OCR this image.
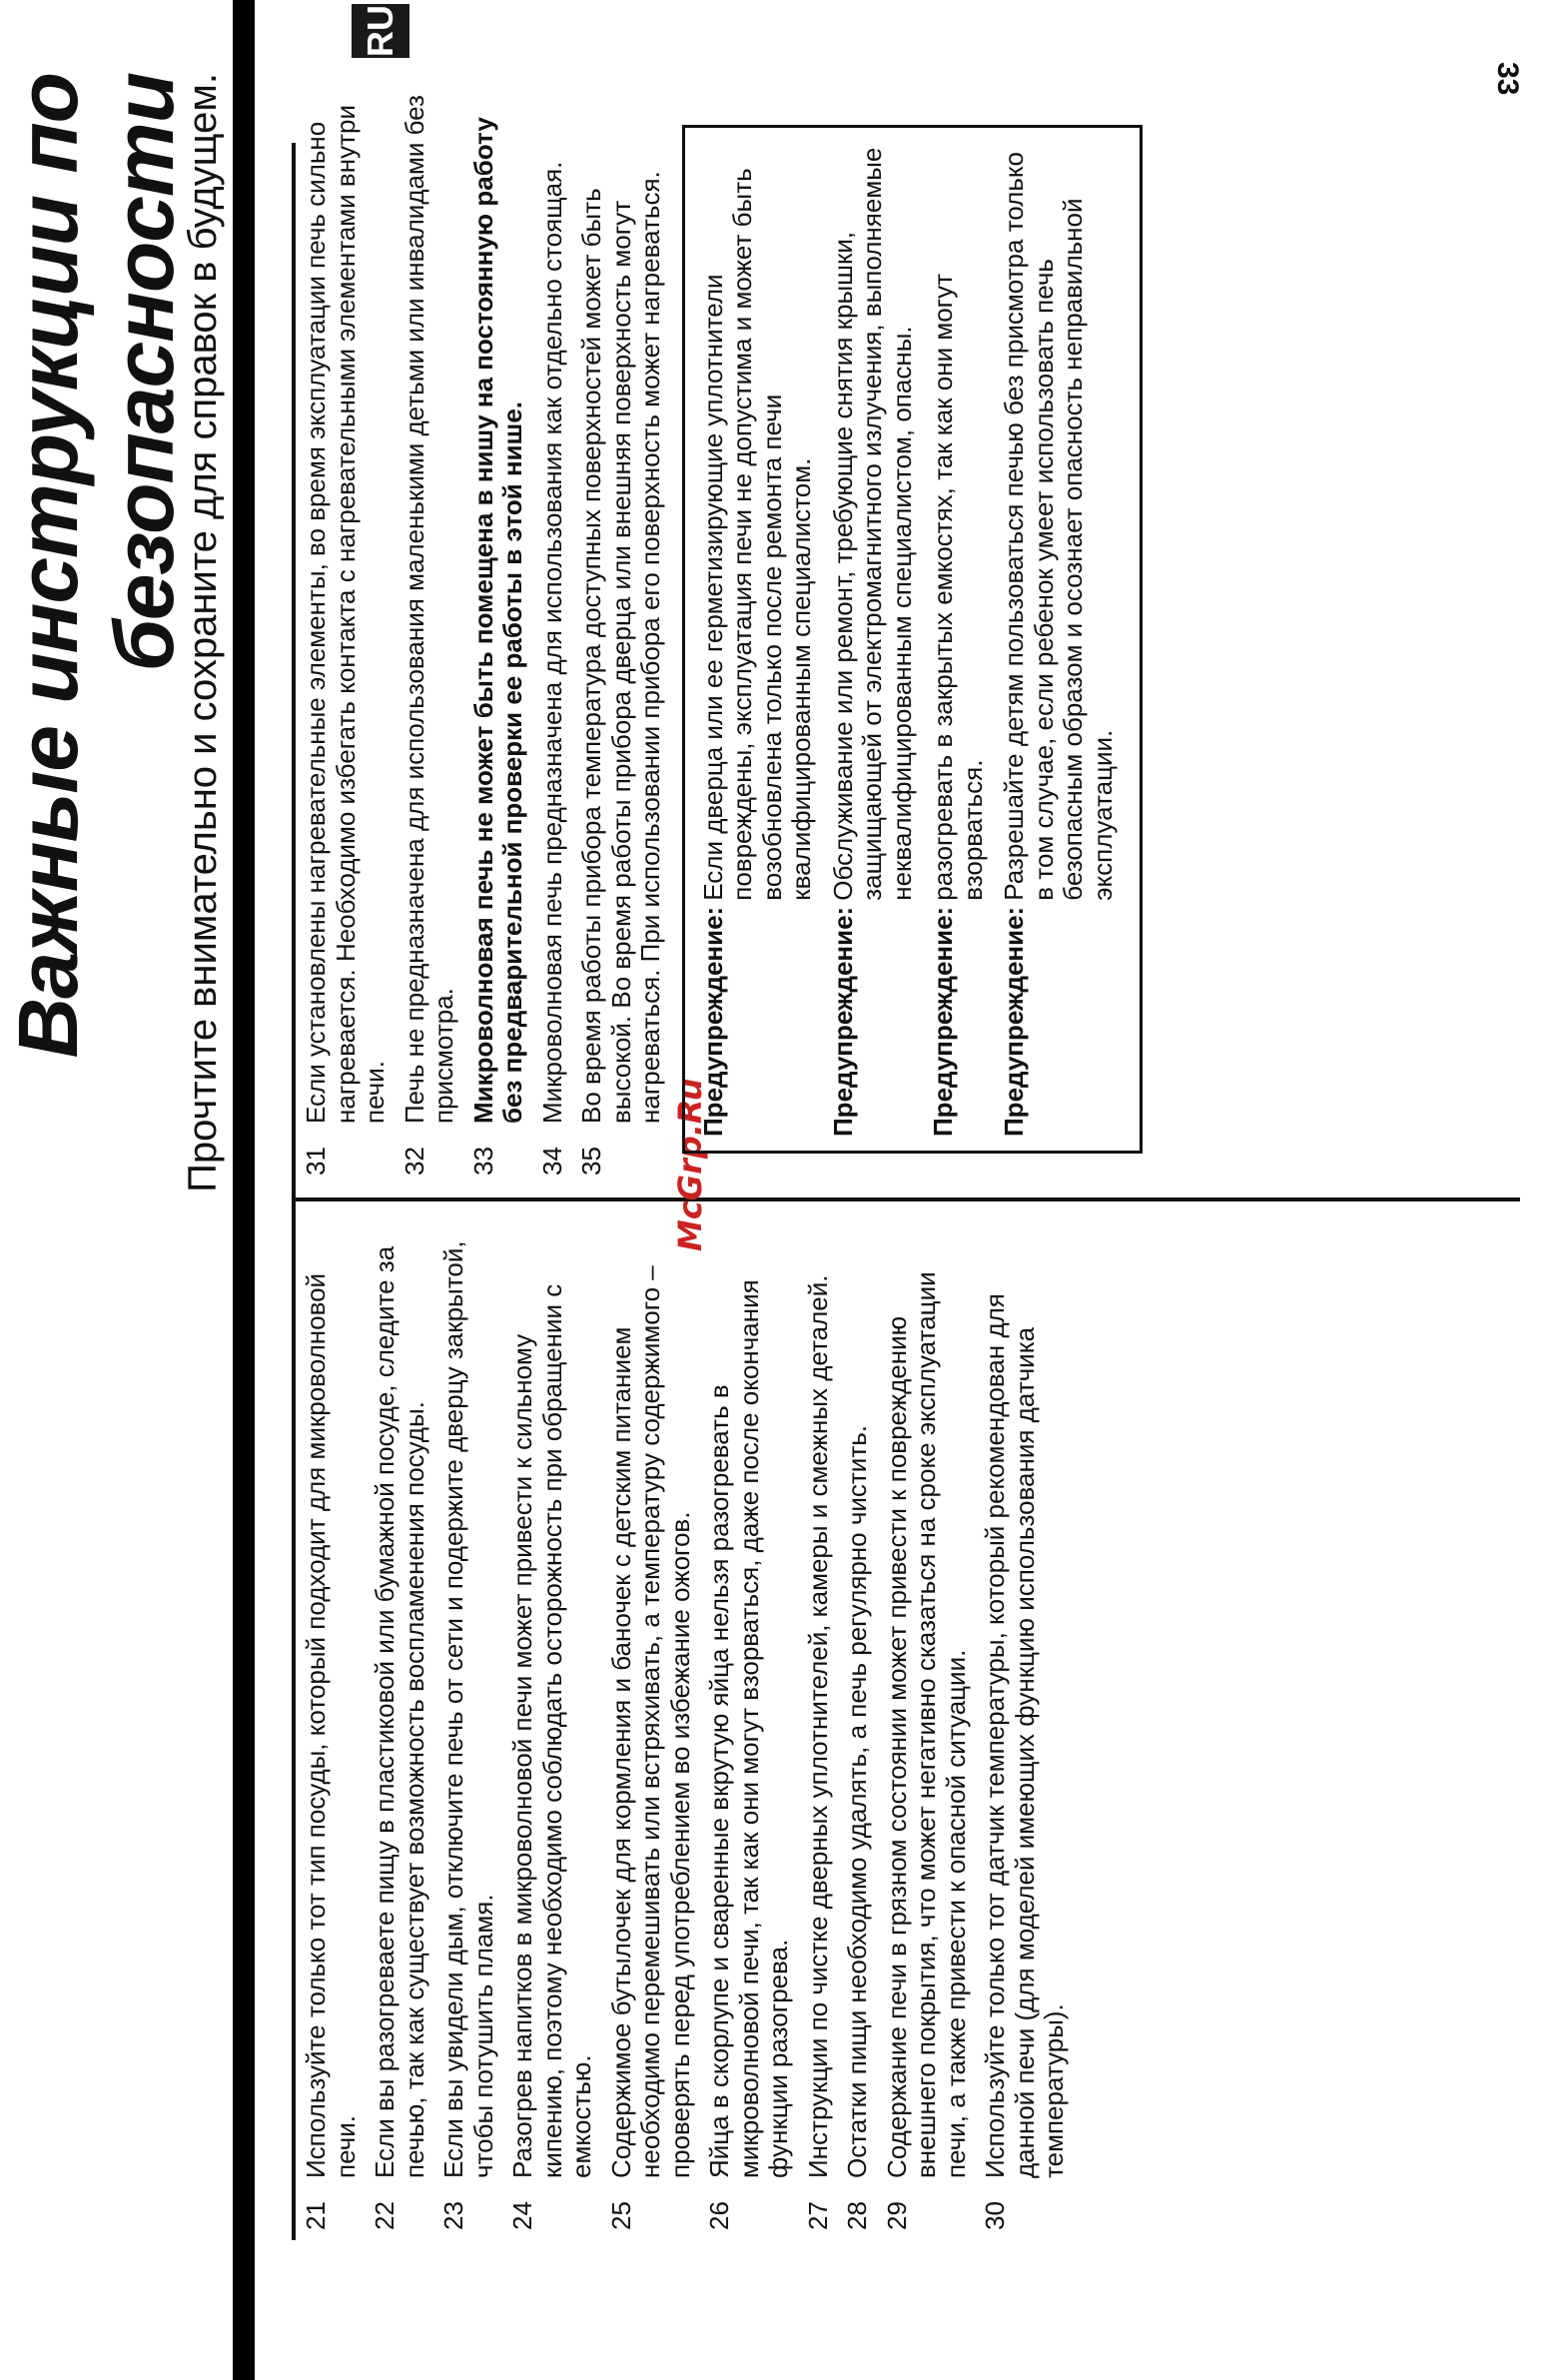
RU
33
Важные инструкции по безопасности

Прочтите внимательно и сохраните для справок в будущем.	McGrp.Ru
21
Используйте только тот тип посуды, который подходит для микроволновой печи.
22
Если вы разогреваете пищу в пластиковой или бумажной посуде, следите за печью, так как существует возможность воспламенения посуды.
23
Если вы увидели дым, отключите печь от сети и подержите дверцу закрытой, чтобы потушить пламя.
24
Разогрев напитков в микроволновой печи может привести к сильному кипению, поэтому необходимо соблюдать осторожность при обращении с емкостью.
25
Содержимое бутылочек для кормления и баночек с детским питанием необходимо перемешивать или встряхивать, а температуру содержимого – проверять перед употреблением во избежание ожогов.
26
Яйца в скорлупе и сваренные вкрутую яйца нельзя разогревать в микроволновой печи, так как они могут взорваться, даже после окончания функции разогрева.
27
Инструкции по чистке дверных уплотнителей, камеры и смежных деталей.
28
Остатки пищи необходимо удалять, а печь регулярно чистить.
29
Содержание печи в грязном состоянии может привести к повреждению внешнего покрытия, что может негативно сказаться на сроке эксплуатации печи, а также привести к опасной ситуации.
30
Используйте только тот датчик температуры, который рекомендован для данной печи (для моделей имеющих функцию использования датчика температуры).
31
Если установлены нагревательные элементы, во время эксплуатации печь сильно нагревается. Необходимо избегать контакта с нагревательными элементами внутри печи.
32
Печь не предназначена для использования маленькими детьми или инвалидами без присмотра.
33
Микроволновая печь не может быть помещена в нишу на постоянную работу без предварительной проверки ее работы в этой нише.
34
Микроволновая печь предназначена для использования как отдельно стоящая.
35
Во время работы прибора температура доступных поверхностей может быть высокой. Во время работы прибора дверца или внешняя поверхность могут нагреваться. При использовании прибора его поверхность может нагреваться. Предупреждение:
Если дверца или ее герметизирующие уплотнители повреждены, эксплуатация печи не допустима и может быть возобновлена только после ремонта печи квалифицированным специалистом.
Предупреждение:
Обслуживание или ремонт, требующие снятия крышки, защищающей от электромагнитного излучения, выполняемые неквалифицированным специалистом, опасны.
Предупреждение:
разогревать в закрытых емкостях, так как они могут взорваться.
Предупреждение:
Разрешайте детям пользоваться печью без присмотра только в том случае, если ребенок умеет использовать печь безопасным образом и осознает опасность неправильной эксплуатации.
